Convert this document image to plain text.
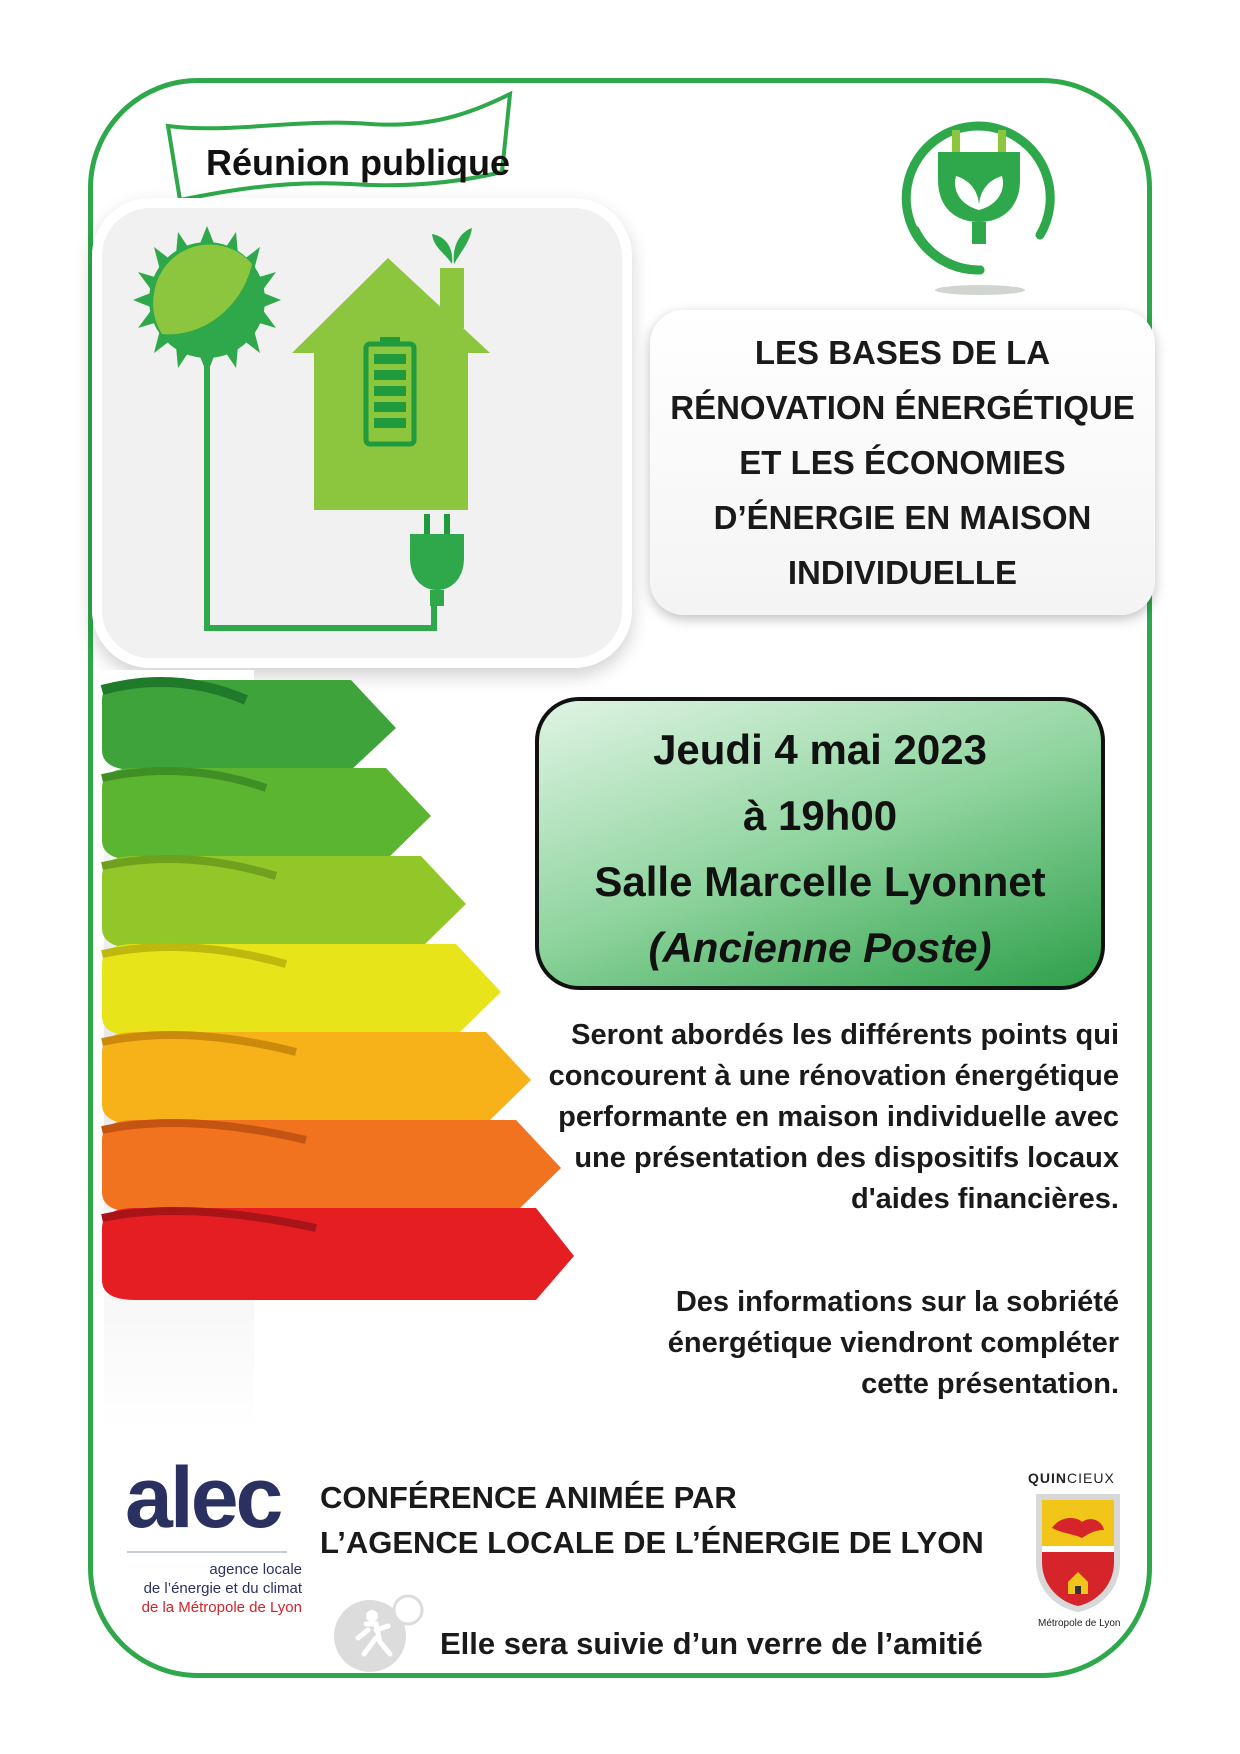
Réunion publique
LES BASES DE LA
RÉNOVATION ÉNERGÉTIQUE
ET LES ÉCONOMIES
D’ÉNERGIE EN MAISON
INDIVIDUELLE
Jeudi 4 mai 2023
à 19h00
Salle Marcelle Lyonnet
(Ancienne Poste)
Seront abordés les différents points qui
concourent à une rénovation énergétique
performante en maison individuelle avec
une présentation des dispositifs locaux
d'aides financières.
Des informations sur la sobriété
énergétique viendront compléter
cette présentation.
alec
agence locale
de l’énergie et du climat
de la Métropole de Lyon
CONFÉRENCE ANIMÉE PAR
L’AGENCE LOCALE DE L’ÉNERGIE DE LYON
QUINCIEUX
Métropole de Lyon
Elle sera suivie d’un verre de l’amitié
